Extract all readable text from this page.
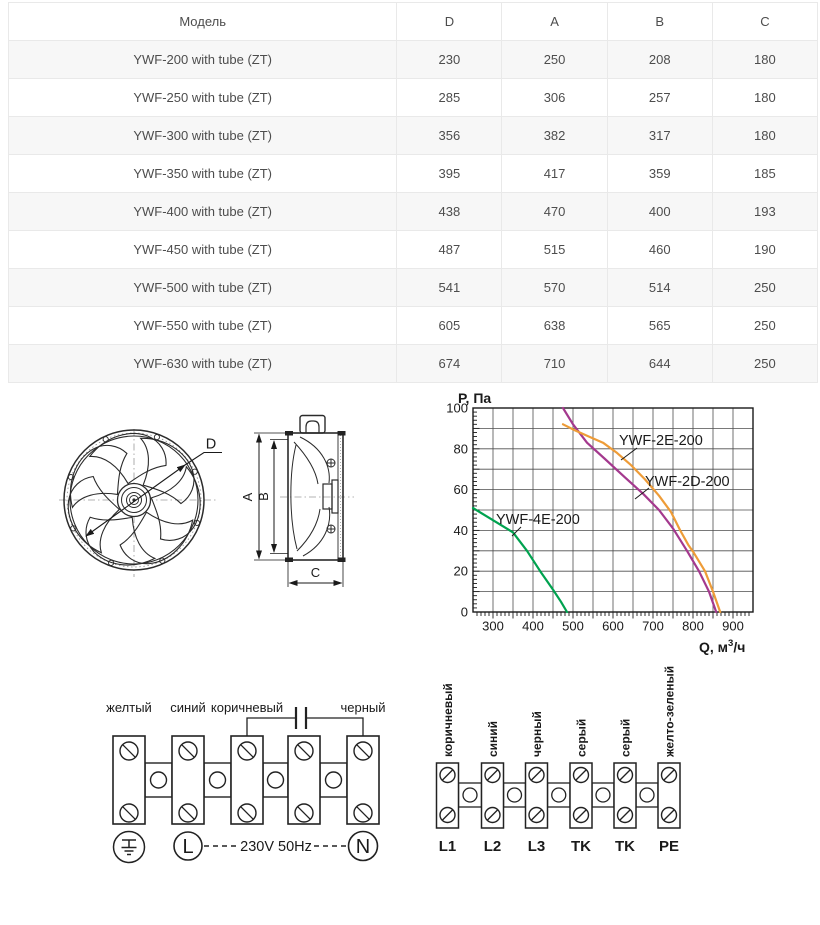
Модель	D	A	B	C
YWF-200 with tube (ZT)	230	250	208	180
YWF-250 with tube (ZT)	285	306	257	180
YWF-300 with tube (ZT)	356	382	317	180
YWF-350 with tube (ZT)	395	417	359	185
YWF-400 with tube (ZT)	438	470	400	193
YWF-450 with tube (ZT)	487	515	460	190
YWF-500 with tube (ZT)	541	570	514	250
YWF-550 with tube (ZT)	605	638	565	250
YWF-630 with tube (ZT)	674	710	644	250
D
A B
C
0
20
40
60
80
100
300 400 500 600 700 800 900
P, Па
Q, $м^3/ч$
YWF-4E-200
YWF-2D-200
YWF-2E-200
желтый синий коричневый	черный
L	230V 50Hz N
коричневый
L1
синий
L2
черный
L3
серый
TK
серый
TK
желто-зеленый
PE
